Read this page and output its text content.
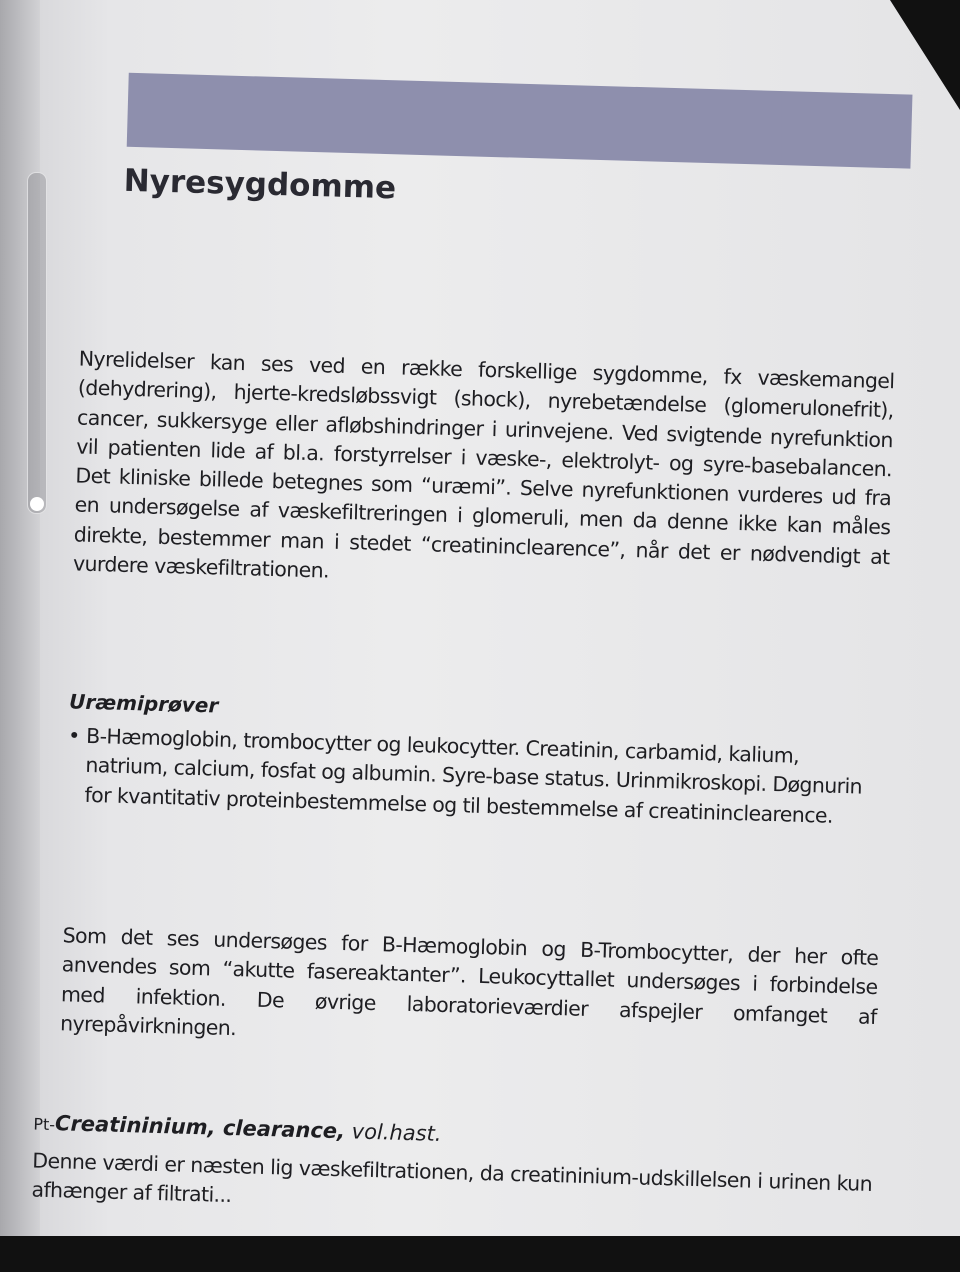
Nyresygdomme
Nyrelidelser kan ses ved en række forskellige sygdomme, fx væskemangel (dehydrering), hjerte-kredsløbssvigt (shock), nyrebetændelse (glomerulonefrit), cancer, sukkersyge eller afløbshindringer i urinvejene. Ved svigtende nyrefunktion vil patienten lide af bl.a. forstyrrelser i væske-, elektrolyt- og syre-basebalancen. Det kliniske billede betegnes som “uræmi”. Selve nyrefunktionen vurderes ud fra en undersøgelse af væskefiltreringen i glomeruli, men da denne ikke kan måles direkte, bestemmer man i stedet “creatininclearence”, når det er nødvendigt at vurdere væskefiltrationen.
Uræmiprøver
• B-Hæmoglobin, trombocytter og leukocytter. Creatinin, carbamid, kalium, natrium, calcium, fosfat og albumin. Syre-base status. Urinmikroskopi. Døgnurin for kvantitativ proteinbestemmelse og til bestemmelse af creatininclearence.
Som det ses undersøges for B-Hæmoglobin og B-Trombocytter, der her ofte anvendes som “akutte fasereaktanter”. Leukocyttallet undersøges i forbindelse med infektion. De øvrige laboratorieværdier afspejler omfanget af nyrepåvirkningen.
Pt-Creatininium, clearance, vol.hast.
Denne værdi er næsten lig væskefiltrationen, da creatininium-udskillelsen i urinen kun afhænger af filtrati...
